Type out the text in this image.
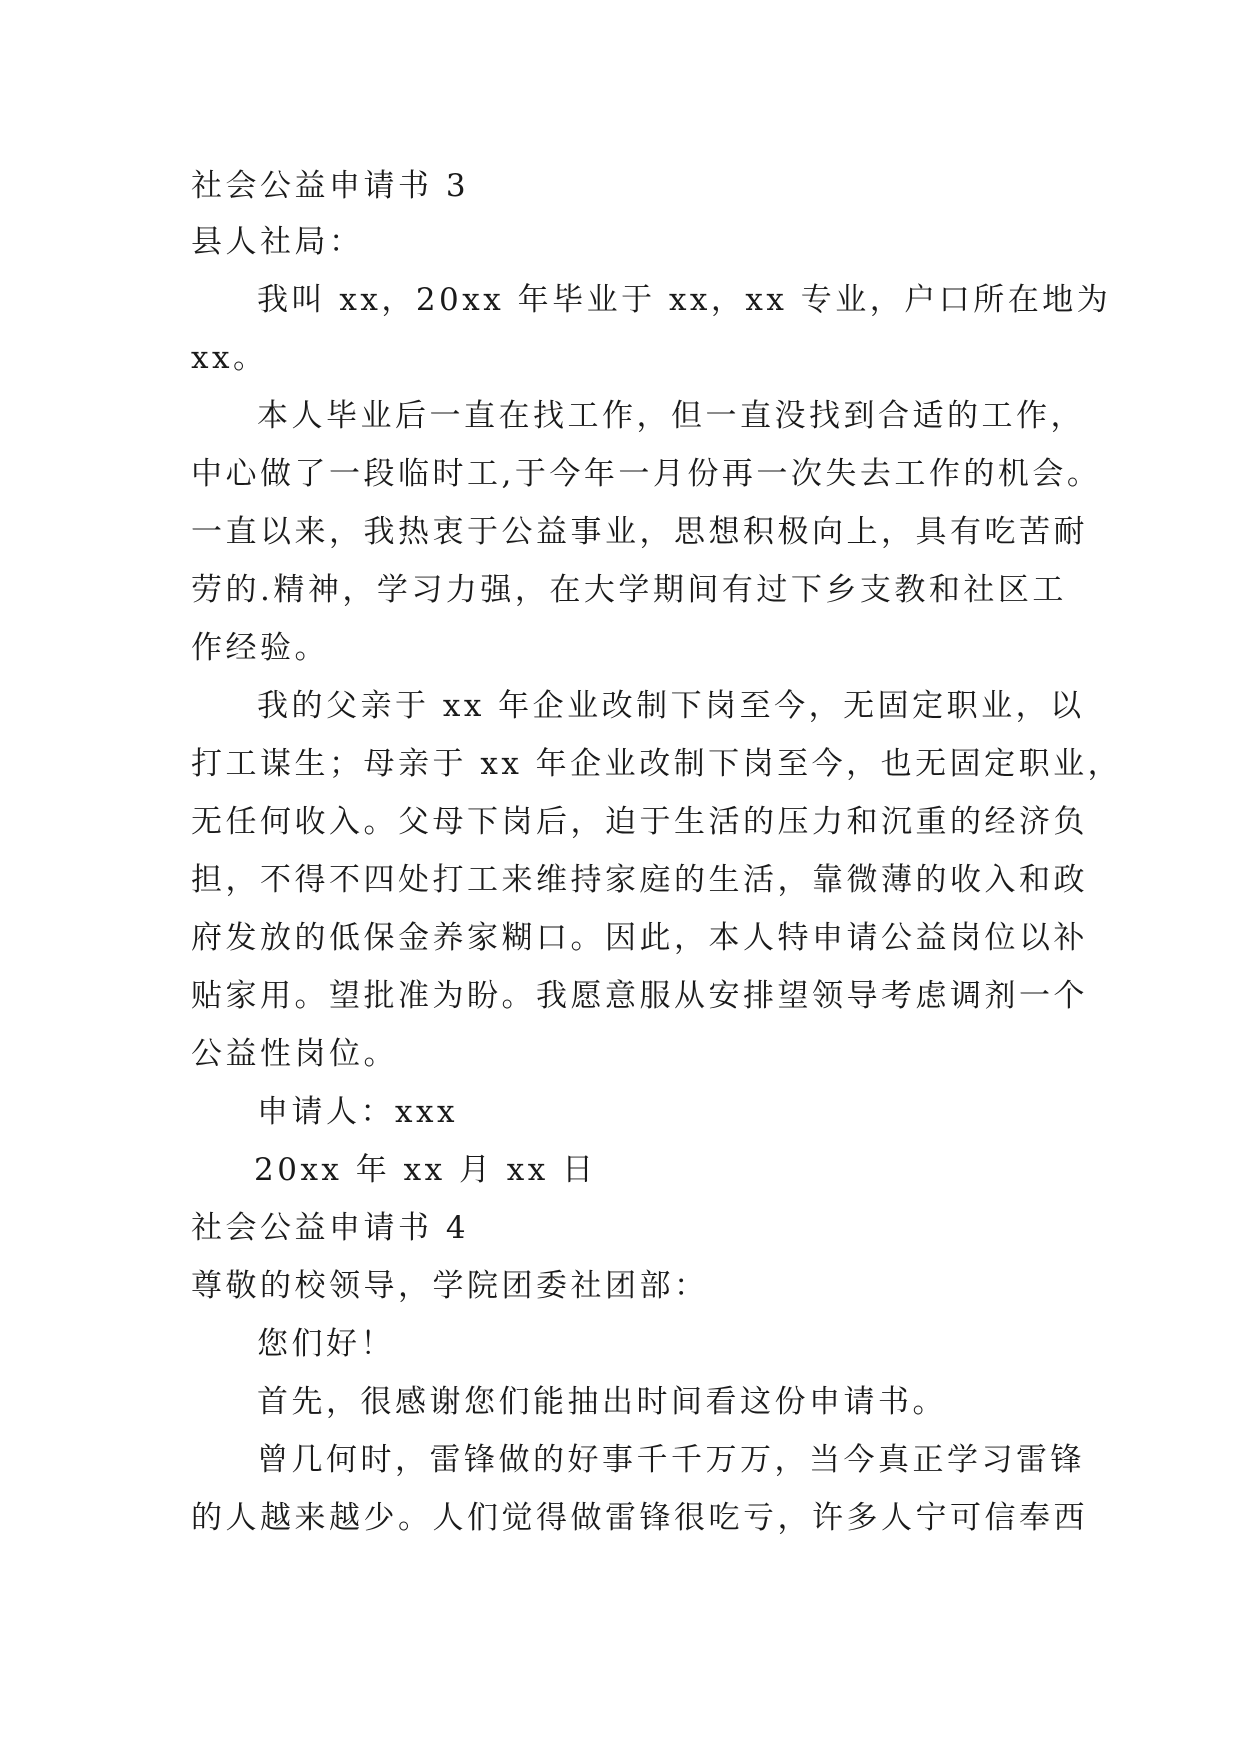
社会公益申请书 3
县人社局：
我叫 xx，20xx 年毕业于 xx，xx 专业，户口所在地为
xx。
本人毕业后一直在找工作，但一直没找到合适的工作，
中心做了一段临时工,于今年一月份再一次失去工作的机会。
一直以来，我热衷于公益事业，思想积极向上，具有吃苦耐
劳的.精神，学习力强，在大学期间有过下乡支教和社区工
作经验。
我的父亲于 xx 年企业改制下岗至今，无固定职业，以
打工谋生；母亲于 xx 年企业改制下岗至今，也无固定职业，
无任何收入。父母下岗后，迫于生活的压力和沉重的经济负
担，不得不四处打工来维持家庭的生活，靠微薄的收入和政
府发放的低保金养家糊口。因此，本人特申请公益岗位以补
贴家用。望批准为盼。我愿意服从安排望领导考虑调剂一个
公益性岗位。
申请人：xxx
20xx 年 xx 月 xx 日
社会公益申请书 4
尊敬的校领导，学院团委社团部：
您们好！
首先，很感谢您们能抽出时间看这份申请书。
曾几何时，雷锋做的好事千千万万，当今真正学习雷锋
的人越来越少。人们觉得做雷锋很吃亏，许多人宁可信奉西
